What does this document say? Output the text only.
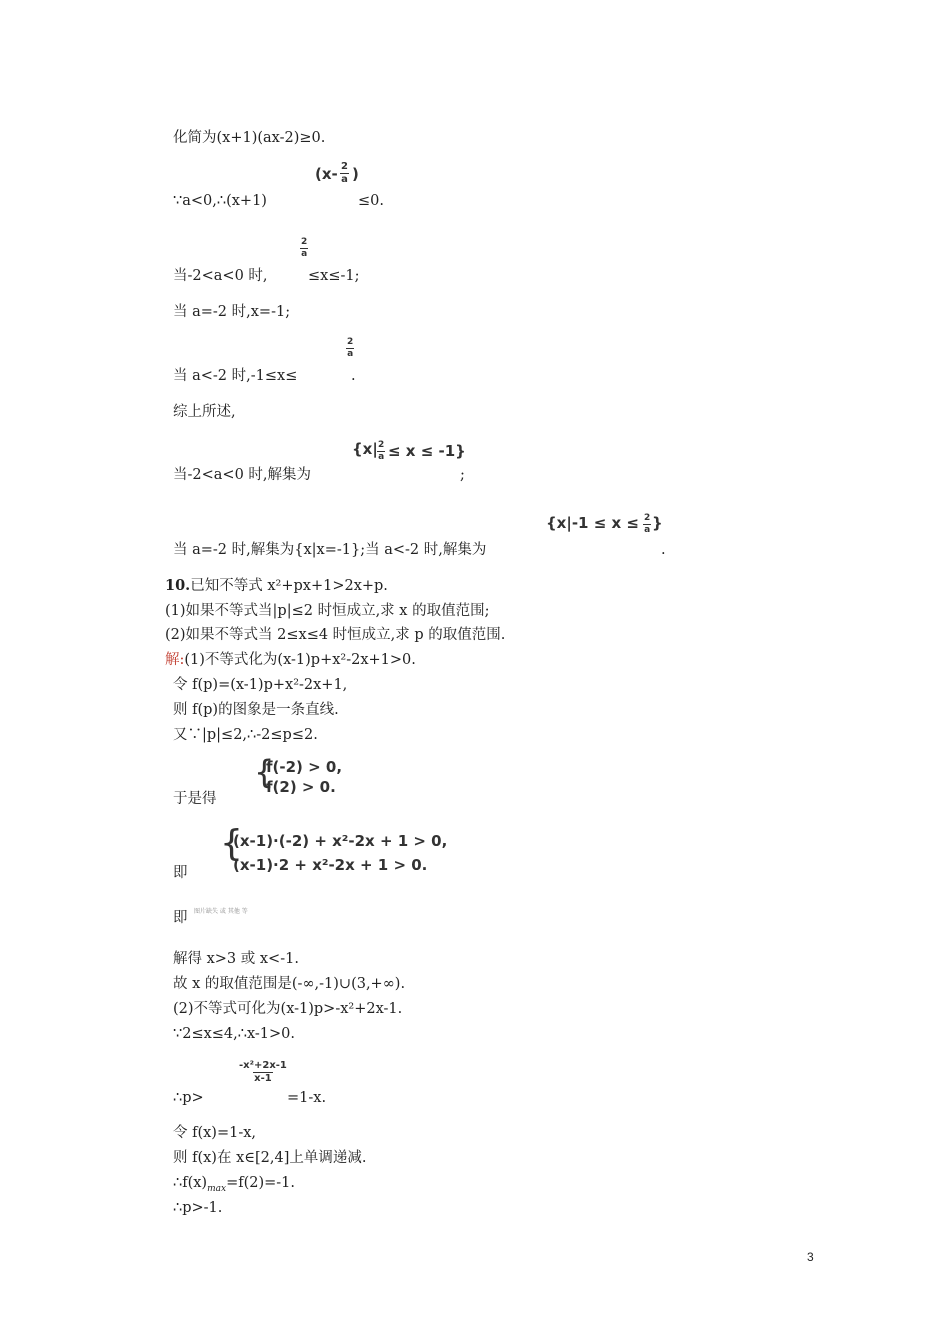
化简为(x+1)(ax-2)≥0.
∵a<0,∴(x+1)
($x- \frac{2}{a}$ )
≤0.
当-2<a<0 时,
$\frac{2}{a}$
≤x≤-1;
当 a=-2 时,x=-1;
当 a<-2 时,-1≤x≤
$\frac{2}{a}$
.
综上所述,
当-2<a<0 时,解集为
$\{x| \frac{2}{a} \le x \le -1\}$
;
当 a=-2 时,解集为{x|x=-1};当 a<-2 时,解集为
{$x|-1 \le x \le \frac{2}{a}$ }
.
10.已知不等式 x²+px+1>2x+p.
(1)如果不等式当|p|≤2 时恒成立,求 x 的取值范围;
(2)如果不等式当 2≤x≤4 时恒成立,求 p 的取值范围.
解:(1)不等式化为(x-1)p+x²-2x+1>0.
令 f(p)=(x-1)p+x²-2x+1,
则 f(p)的图象是一条直线.
又∵|p|≤2,∴-2≤p≤2.
{
f(-2) > 0,
f(2) > 0.
于是得
{
(x-1)·(-2) + x²-2x + 1 > 0,
(x-1)·2 + x²-2x + 1 > 0.
即
即 图片缺失 或 其他 等
解得 x>3 或 x<-1.
故 x 的取值范围是(-∞,-1)∪(3,+∞).
(2)不等式可化为(x-1)p>-x²+2x-1.
∵2≤x≤4,∴x-1>0.
∴p>
$\frac{\text{-x²+2x-1}}{x-1}$
=1-x.
令 f(x)=1-x,
则 f(x)在 x∈[2,4]上单调递减.
$\therefore f(x)_{max}=f(2)=-1$.
∴p>-1.
3
